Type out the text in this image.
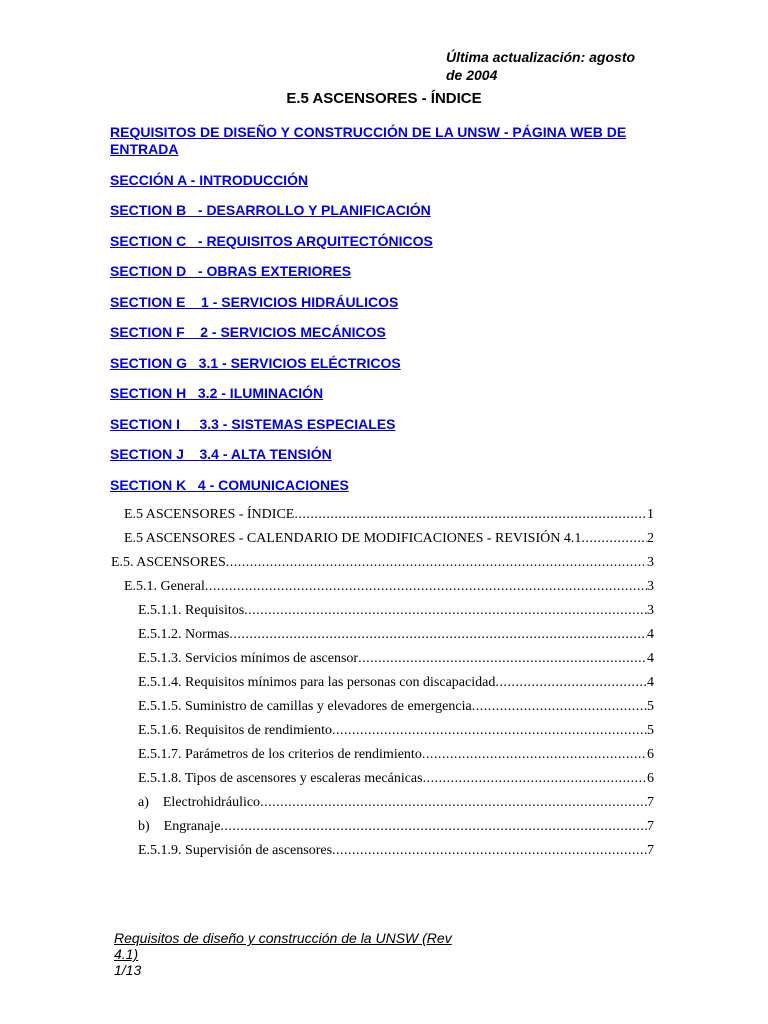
Última actualización: agosto
de 2004
E.5 ASCENSORES - ÍNDICE
REQUISITOS DE DISEÑO Y CONSTRUCCIÓN DE LA UNSW - PÁGINA WEB DE ENTRADA
SECCIÓN A - INTRODUCCIÓN
SECTION B   - DESARROLLO Y PLANIFICACIÓN
SECTION C   - REQUISITOS ARQUITECTÓNICOS
SECTION D   - OBRAS EXTERIORES
SECTION E    1 - SERVICIOS HIDRÁULICOS
SECTION F    2 - SERVICIOS MECÁNICOS
SECTION G   3.1 - SERVICIOS ELÉCTRICOS
SECTION H   3.2 - ILUMINACIÓN
SECTION I     3.3 - SISTEMAS ESPECIALES
SECTION J    3.4 - ALTA TENSIÓN
SECTION K   4 - COMUNICACIONES
E.5 ASCENSORES - ÍNDICE .....	1
E.5 ASCENSORES - CALENDARIO DE MODIFICACIONES - REVISIÓN 4.1 .....	2
E.5. ASCENSORES .....	3
E.5.1. General .....	3
E.5.1.1. Requisitos .....	3
E.5.1.2. Normas .....	4
E.5.1.3. Servicios mínimos de ascensor .....	4
E.5.1.4. Requisitos mínimos para las personas con discapacidad .....	4
E.5.1.5. Suministro de camillas y elevadores de emergencia .....	5
E.5.1.6. Requisitos de rendimiento .....	5
E.5.1.7. Parámetros de los criterios de rendimiento .....	6
E.5.1.8. Tipos de ascensores y escaleras mecánicas .....	6
a)    Electrohidráulico .....	7
b)    Engranaje .....	7
E.5.1.9. Supervisión de ascensores .....	7
Requisitos de diseño y construcción de la UNSW (Rev 4.1)
1/13
